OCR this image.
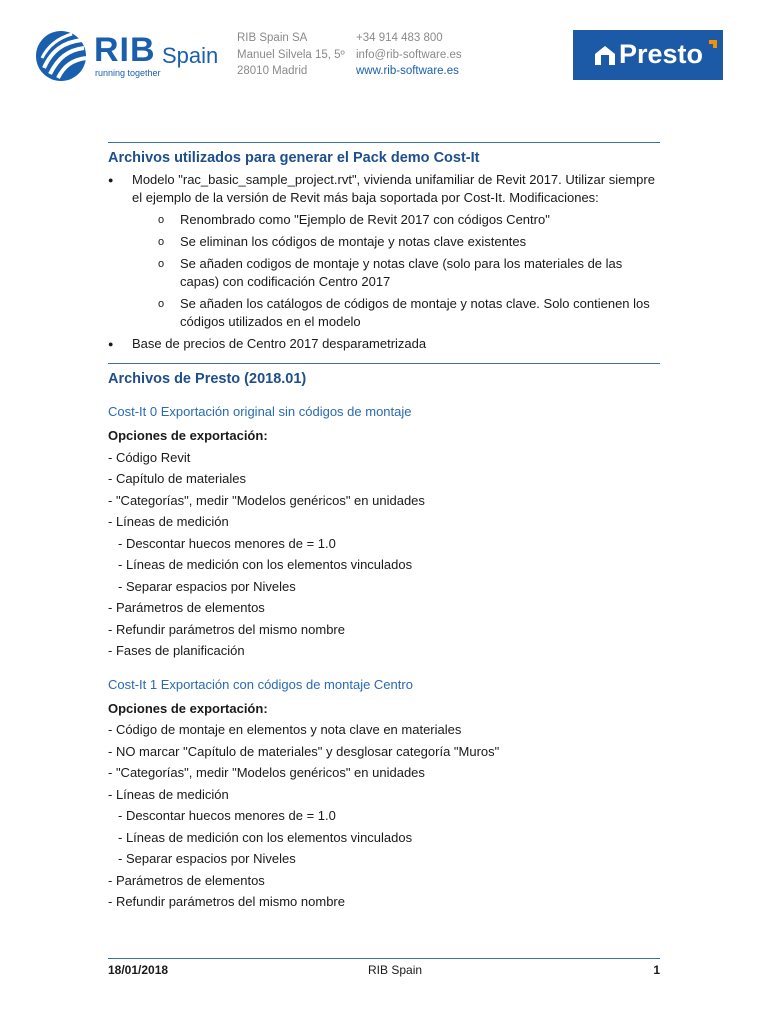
RIB Spain
running together
RIB Spain SA
Manuel Silvela 15, 5º
28010 Madrid
+34 914 483 800
info@rib-software.es
www.rib-software.es
Presto
Archivos utilizados para generar el Pack demo Cost-It
● Modelo "rac_basic_sample_project.rvt", vivienda unifamiliar de Revit 2017. Utilizar siempre el ejemplo de la versión de Revit más baja soportada por Cost-It. Modificaciones:
o Renombrado como "Ejemplo de Revit 2017 con códigos Centro"
o Se eliminan los códigos de montaje y notas clave existentes
o Se añaden codigos de montaje y notas clave (solo para los materiales de las capas) con codificación Centro 2017
o Se añaden los catálogos de códigos de montaje y notas clave. Solo contienen los códigos utilizados en el modelo
● Base de precios de Centro 2017 desparametrizada
Archivos de Presto (2018.01)
Cost-It 0 Exportación original sin códigos de montaje
Opciones de exportación:
- Código Revit
- Capítulo de materiales
- "Categorías", medir "Modelos genéricos" en unidades
- Líneas de medición
- Descontar huecos menores de = 1.0
- Líneas de medición con los elementos vinculados
- Separar espacios por Niveles
- Parámetros de elementos
- Refundir parámetros del mismo nombre
- Fases de planificación
Cost-It 1 Exportación con códigos de montaje Centro
Opciones de exportación:
- Código de montaje en elementos y nota clave en materiales
- NO marcar "Capítulo de materiales" y desglosar categoría "Muros"
- "Categorías", medir "Modelos genéricos" en unidades
- Líneas de medición
- Descontar huecos menores de = 1.0
- Líneas de medición con los elementos vinculados
- Separar espacios por Niveles
- Parámetros de elementos
- Refundir parámetros del mismo nombre
18/01/2018	RIB Spain	1
